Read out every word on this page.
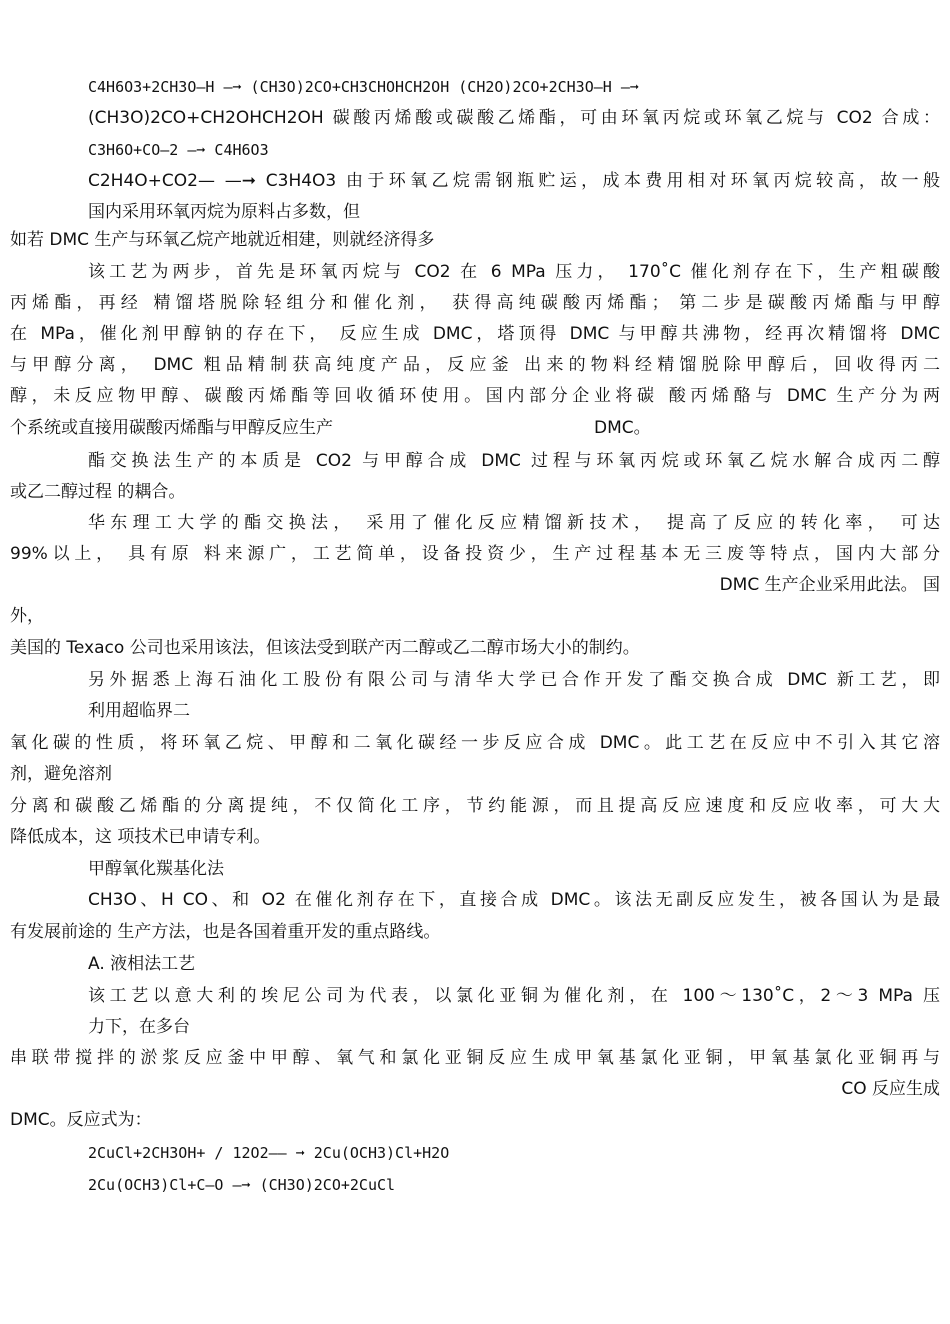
C4H6O3+2CH3O—H —➞ (CH3O)2CO+CH3CHOHCH2OH (CH2O)2CO+2CH3O—H —➞
(CH3O)2CO+CH2OHCH2OH 碳酸丙烯酸或碳酸乙烯酯，可由环氧丙烷或环氧乙烷与 CO2 合成：
C3H6O+CO—2 —➞ C4H6O3
C2H4O+CO2— —➞ C3H4O3 由于环氧乙烷需钢瓶贮运，成本费用相对环氧丙烷较高，故一般
国内采用环氧丙烷为原料占多数，但
如若 DMC 生产与环氧乙烷产地就近相建，则就经济得多
该工艺为两步，首先是环氧丙烷与 CO2 在 6 MPa 压力， 170˚C 催化剂存在下，生产粗碳酸
丙烯酯，再经 精馏塔脱除轻组分和催化剂， 获得高纯碳酸丙烯酯； 第二步是碳酸丙烯酯与甲醇
在 MPa，催化剂甲醇钠的存在下， 反应生成 DMC，塔顶得 DMC 与甲醇共沸物，经再次精馏将 DMC
与甲醇分离， DMC 粗品精制获高纯度产品，反应釜 出来的物料经精馏脱除甲醇后，回收得丙二
醇，未反应物甲醇、碳酸丙烯酯等回收循环使用。国内部分企业将碳 酸丙烯酪与 DMC 生产分为两
个系统或直接用碳酸丙烯酯与甲醇反应生产	DMC。
酯交换法生产的本质是 CO2 与甲醇合成 DMC 过程与环氧丙烷或环氧乙烷水解合成丙二醇
或乙二醇过程 的耦合。
华东理工大学的酯交换法， 采用了催化反应精馏新技术， 提高了反应的转化率， 可达
99%以上， 具有原 料来源广，工艺简单，设备投资少，生产过程基本无三废等特点，国内大部分
DMC 生产企业采用此法。 国
外，
美国的 Texaco 公司也采用该法，但该法受到联产丙二醇或乙二醇市场大小的制约。
另外据悉上海石油化工股份有限公司与清华大学已合作开发了酯交换合成 DMC 新工艺，即
利用超临界二
氧化碳的性质，将环氧乙烷、甲醇和二氧化碳经一步反应合成 DMC。此工艺在反应中不引入其它溶
剂，避免溶剂
分离和碳酸乙烯酯的分离提纯，不仅简化工序，节约能源，而且提高反应速度和反应收率，可大大
降低成本，这 项技术已申请专利。
甲醇氧化羰基化法
CH3O、H CO、和 O2 在催化剂存在下，直接合成 DMC。该法无副反应发生，被各国认为是最
有发展前途的 生产方法，也是各国着重开发的重点路线。
A. 液相法工艺
该工艺以意大利的埃尼公司为代表，以氯化亚铜为催化剂，在 100～130˚C，2～3 MPa 压
力下，在多台
串联带搅拌的淤浆反应釜中甲醇、氧气和氯化亚铜反应生成甲氧基氯化亚铜，甲氧基氯化亚铜再与
CO 反应生成
DMC。反应式为：
2CuCl+2CH3OH+ / 12O2—— ➞ 2Cu(OCH3)Cl+H2O
2Cu(OCH3)Cl+C—O —➞ (CH3O)2CO+2CuCl
